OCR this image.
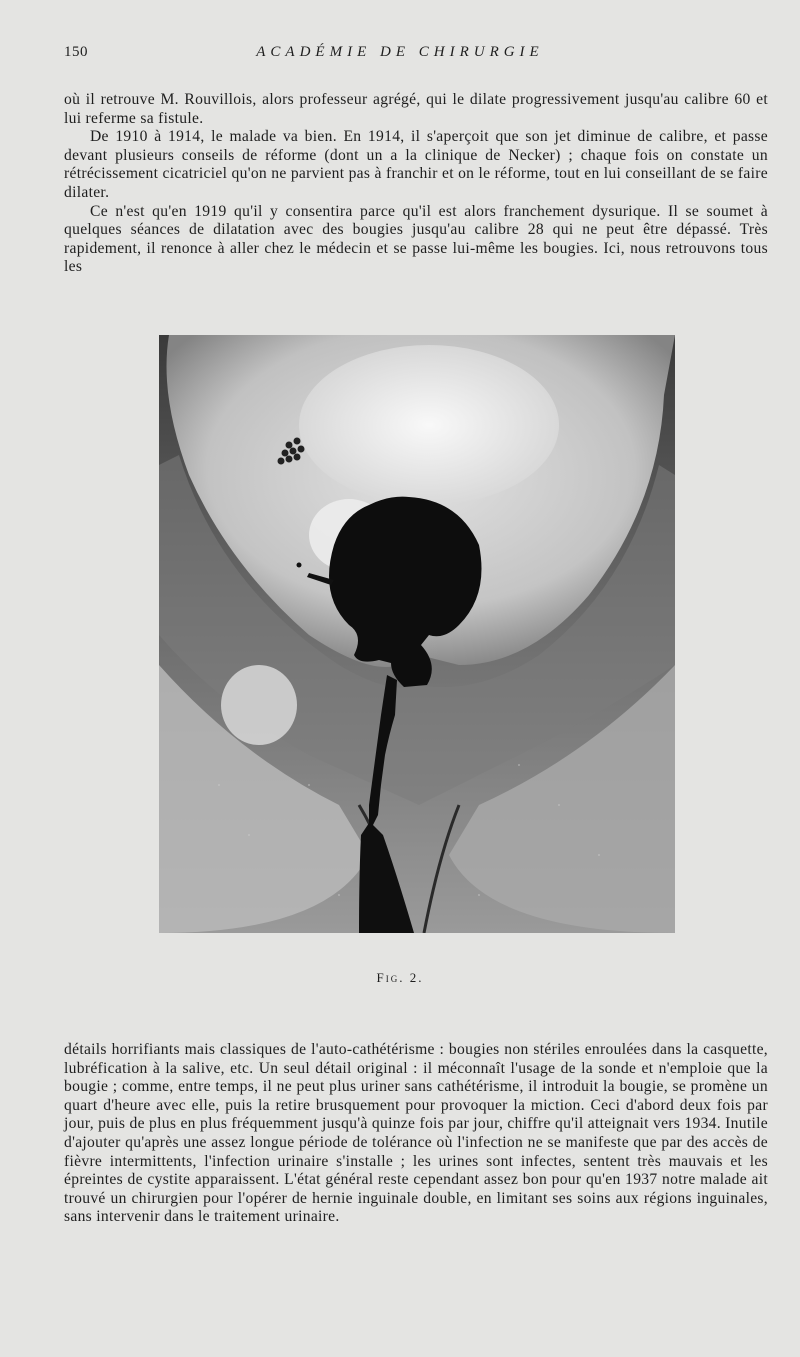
150	ACADÉMIE DE CHIRURGIE

où il retrouve M. Rouvillois, alors professeur agrégé, qui le dilate progressivement jusqu'au calibre 60 et lui referme sa fistule.

De 1910 à 1914, le malade va bien. En 1914, il s'aperçoit que son jet diminue de calibre, et passe devant plusieurs conseils de réforme (dont un a la clinique de Necker) ; chaque fois on constate un rétrécissement cicatriciel qu'on ne parvient pas à franchir et on le réforme, tout en lui conseillant de se faire dilater.

Ce n'est qu'en 1919 qu'il y consentira parce qu'il est alors franchement dysurique. Il se soumet à quelques séances de dilatation avec des bougies jusqu'au calibre 28 qui ne peut être dépassé. Très rapidement, il renonce à aller chez le médecin et se passe lui-même les bougies. Ici, nous retrouvons tous les

Fig. 2.

détails horrifiants mais classiques de l'auto-cathétérisme : bougies non stériles enroulées dans la casquette, lubréfication à la salive, etc. Un seul détail original : il méconnaît l'usage de la sonde et n'emploie que la bougie ; comme, entre temps, il ne peut plus uriner sans cathétérisme, il introduit la bougie, se promène un quart d'heure avec elle, puis la retire brusquement pour provoquer la miction. Ceci d'abord deux fois par jour, puis de plus en plus fréquemment jusqu'à quinze fois par jour, chiffre qu'il atteignait vers 1934. Inutile d'ajouter qu'après une assez longue période de tolérance où l'infection ne se manifeste que par des accès de fièvre intermittents, l'infection urinaire s'installe ; les urines sont infectes, sentent très mauvais et les épreintes de cystite apparaissent. L'état général reste cependant assez bon pour qu'en 1937 notre malade ait trouvé un chirurgien pour l'opérer de hernie inguinale double, en limitant ses soins aux régions inguinales, sans intervenir dans le traitement urinaire.
